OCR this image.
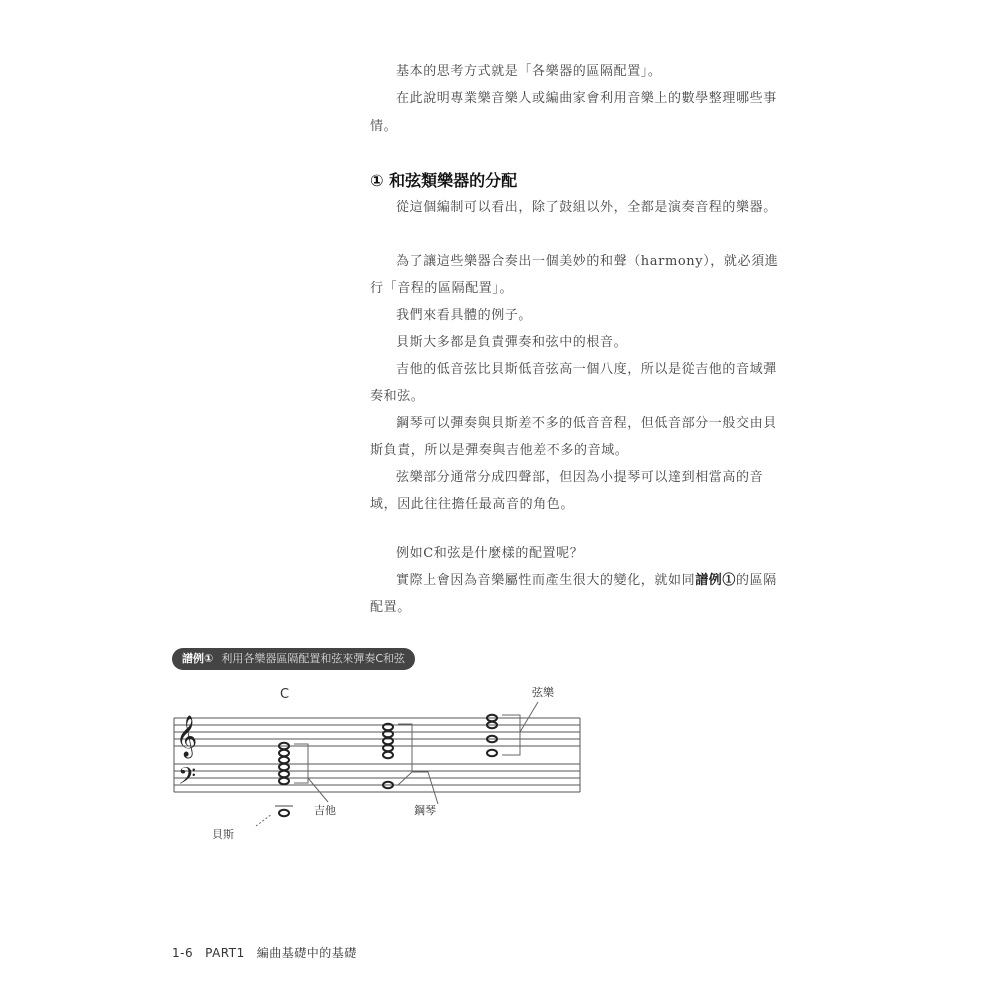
基本的思考方式就是「各樂器的區隔配置」。
在此說明專業樂音樂人或編曲家會利用音樂上的數學整理哪些事情。
① 和弦類樂器的分配
從這個編制可以看出，除了鼓組以外，全都是演奏音程的樂器。
為了讓這些樂器合奏出一個美妙的和聲（harmony），就必須進行「音程的區隔配置」。
我們來看具體的例子。
貝斯大多都是負責彈奏和弦中的根音。
吉他的低音弦比貝斯低音弦高一個八度，所以是從吉他的音域彈奏和弦。
鋼琴可以彈奏與貝斯差不多的低音音程，但低音部分一般交由貝斯負責，所以是彈奏與吉他差不多的音域。
弦樂部分通常分成四聲部，但因為小提琴可以達到相當高的音域，因此往往擔任最高音的角色。
例如C和弦是什麼樣的配置呢？
實際上會因為音樂屬性而產生很大的變化，就如同譜例①的區隔配置。
譜例① 利用各樂器區隔配置和弦來彈奏C和弦
C
𝄞
𝄢
弦樂
吉他	鋼琴
貝斯
1-6 PART1 編曲基礎中的基礎
